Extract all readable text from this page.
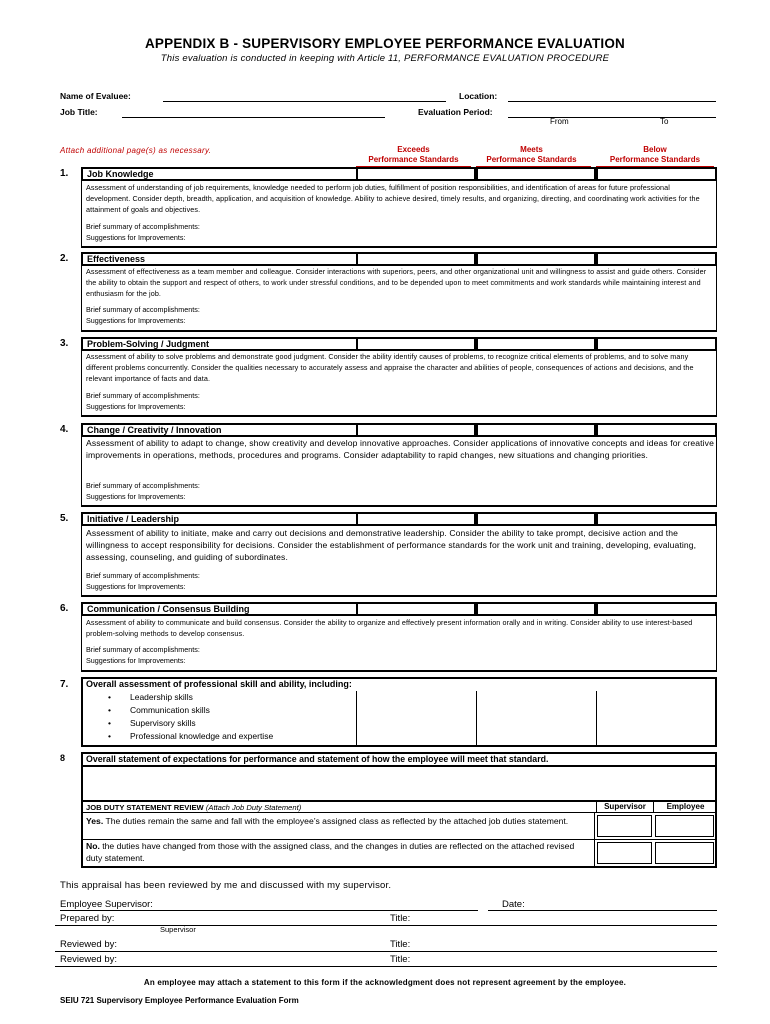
APPENDIX B - SUPERVISORY EMPLOYEE PERFORMANCE EVALUATION
This evaluation is conducted in keeping with Article 11, PERFORMANCE EVALUATION PROCEDURE
Name of Evaluee:	Location:
Job Title:	Evaluation Period:
From	To
Attach additional page(s) as necessary.	Exceeds
Performance Standards
Meets
Performance Standards
Below
Performance Standards
1.	Job Knowledge
Assessment of understanding of job requirements, knowledge needed to perform job duties, fulfillment of position responsibilities, and identification of areas for future professional development. Consider depth, breadth, application, and acquisition of knowledge. Ability to achieve desired, timely results, and organizing, directing, and coordinating work activities for the attainment of goals and objectives.
Brief summary of accomplishments:
Suggestions for Improvements:
2.	Effectiveness
Assessment of effectiveness as a team member and colleague. Consider interactions with superiors, peers, and other organizational unit and willingness to assist and guide others. Consider the ability to obtain the support and respect of others, to work under stressful conditions, and to be depended upon to meet commitments and work standards while maintaining interest and enthusiasm for the job.
Brief summary of accomplishments:
Suggestions for Improvements:
3.	Problem-Solving / Judgment
Assessment of ability to solve problems and demonstrate good judgment. Consider the ability identify causes of problems, to recognize critical elements of problems, and to solve many different problems concurrently. Consider the qualities necessary to accurately assess and appraise the character and abilities of people, consequences of actions and decisions, and the relevant importance of facts and data.
Brief summary of accomplishments:
Suggestions for Improvements:
4.	Change / Creativity / Innovation
Assessment of ability to adapt to change, show creativity and develop innovative approaches. Consider applications of innovative concepts and ideas for creative improvements in operations, methods, procedures and programs. Consider adaptability to rapid changes, new situations and changing priorities.
Brief summary of accomplishments:
Suggestions for Improvements:
5.	Initiative / Leadership
Assessment of ability to initiate, make and carry out decisions and demonstrative leadership. Consider the ability to take prompt, decisive action and the willingness to accept responsibility for decisions. Consider the establishment of performance standards for the work unit and training, developing, evaluating, assessing, counseling, and guiding of subordinates.
Brief summary of accomplishments:
Suggestions for Improvements:
6.	Communication / Consensus Building
Assessment of ability to communicate and build consensus. Consider the ability to organize and effectively present information orally and in writing. Consider ability to use interest-based problem-solving methods to develop consensus.
Brief summary of accomplishments:
Suggestions for Improvements:
7. Overall assessment of professional skill and ability, including:
• Leadership skills
• Communication skills
• Supervisory skills
• Professional knowledge and expertise
8 Overall statement of expectations for performance and statement of how the employee will meet that standard.
JOB DUTY STATEMENT REVIEW (Attach Job Duty Statement)	Supervisor	Employee
Yes. The duties remain the same and fall with the employee’s assigned class as reflected by the attached job duties statement.
No. the duties have changed from those with the assigned class, and the changes in duties are reflected on the attached revised duty statement.
This appraisal has been reviewed by me and discussed with my supervisor.
Employee Supervisor:	Date:
Prepared by:	Title:
Supervisor
Reviewed by:	Title:
Reviewed by:	Title:
An employee may attach a statement to this form if the acknowledgment does not represent agreement by the employee.
SEIU 721 Supervisory Employee Performance Evaluation Form
